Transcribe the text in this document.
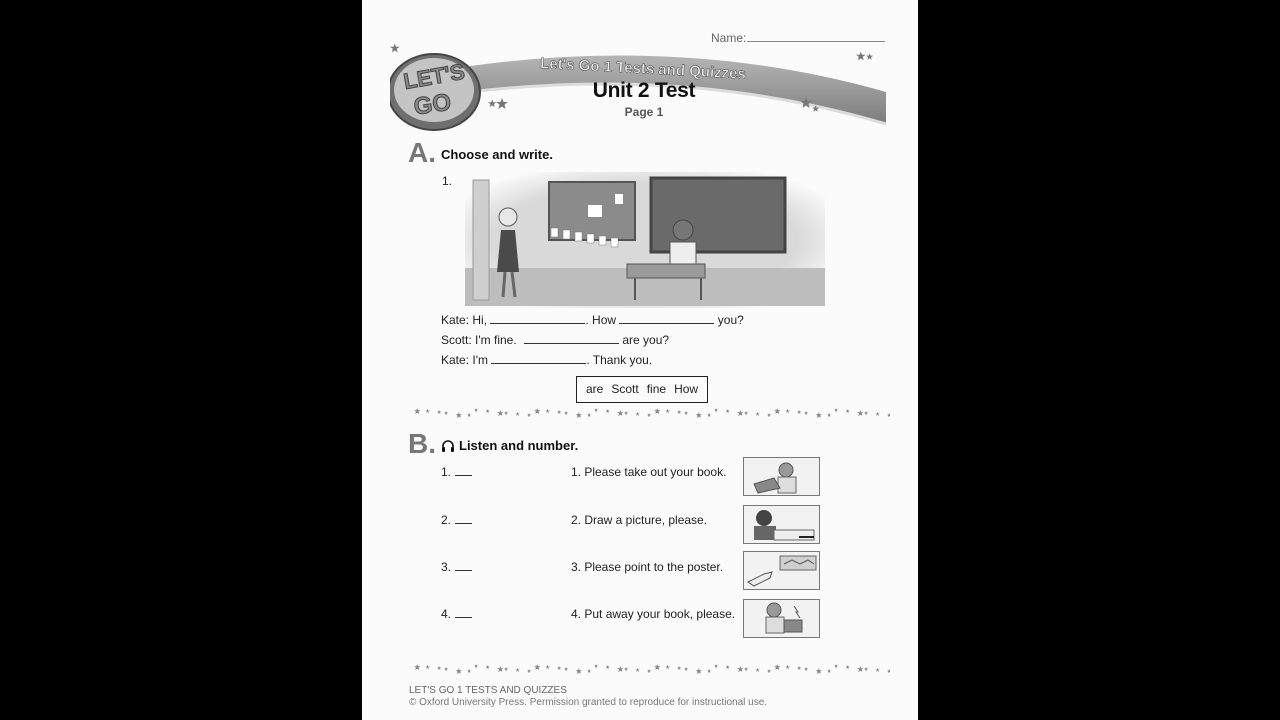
Name:
Let's Go 1 Tests and Quizzes
LET'S
GO	Unit 2 Test
Page 1
A. Choose and write.
1.
Kate: Hi,	. How	you?
Scott: I'm fine.	are you?
Kate: I'm	. Thank you.
are Scott fine How
B. Listen and number.
1.	1. Please take out your book.
2.	2. Draw a picture, please.
3.	3. Please point to the poster.
4.	4. Put away your book, please.
LET'S GO 1 TESTS AND QUIZZES
© Oxford University Press. Permission granted to reproduce for instructional use.
